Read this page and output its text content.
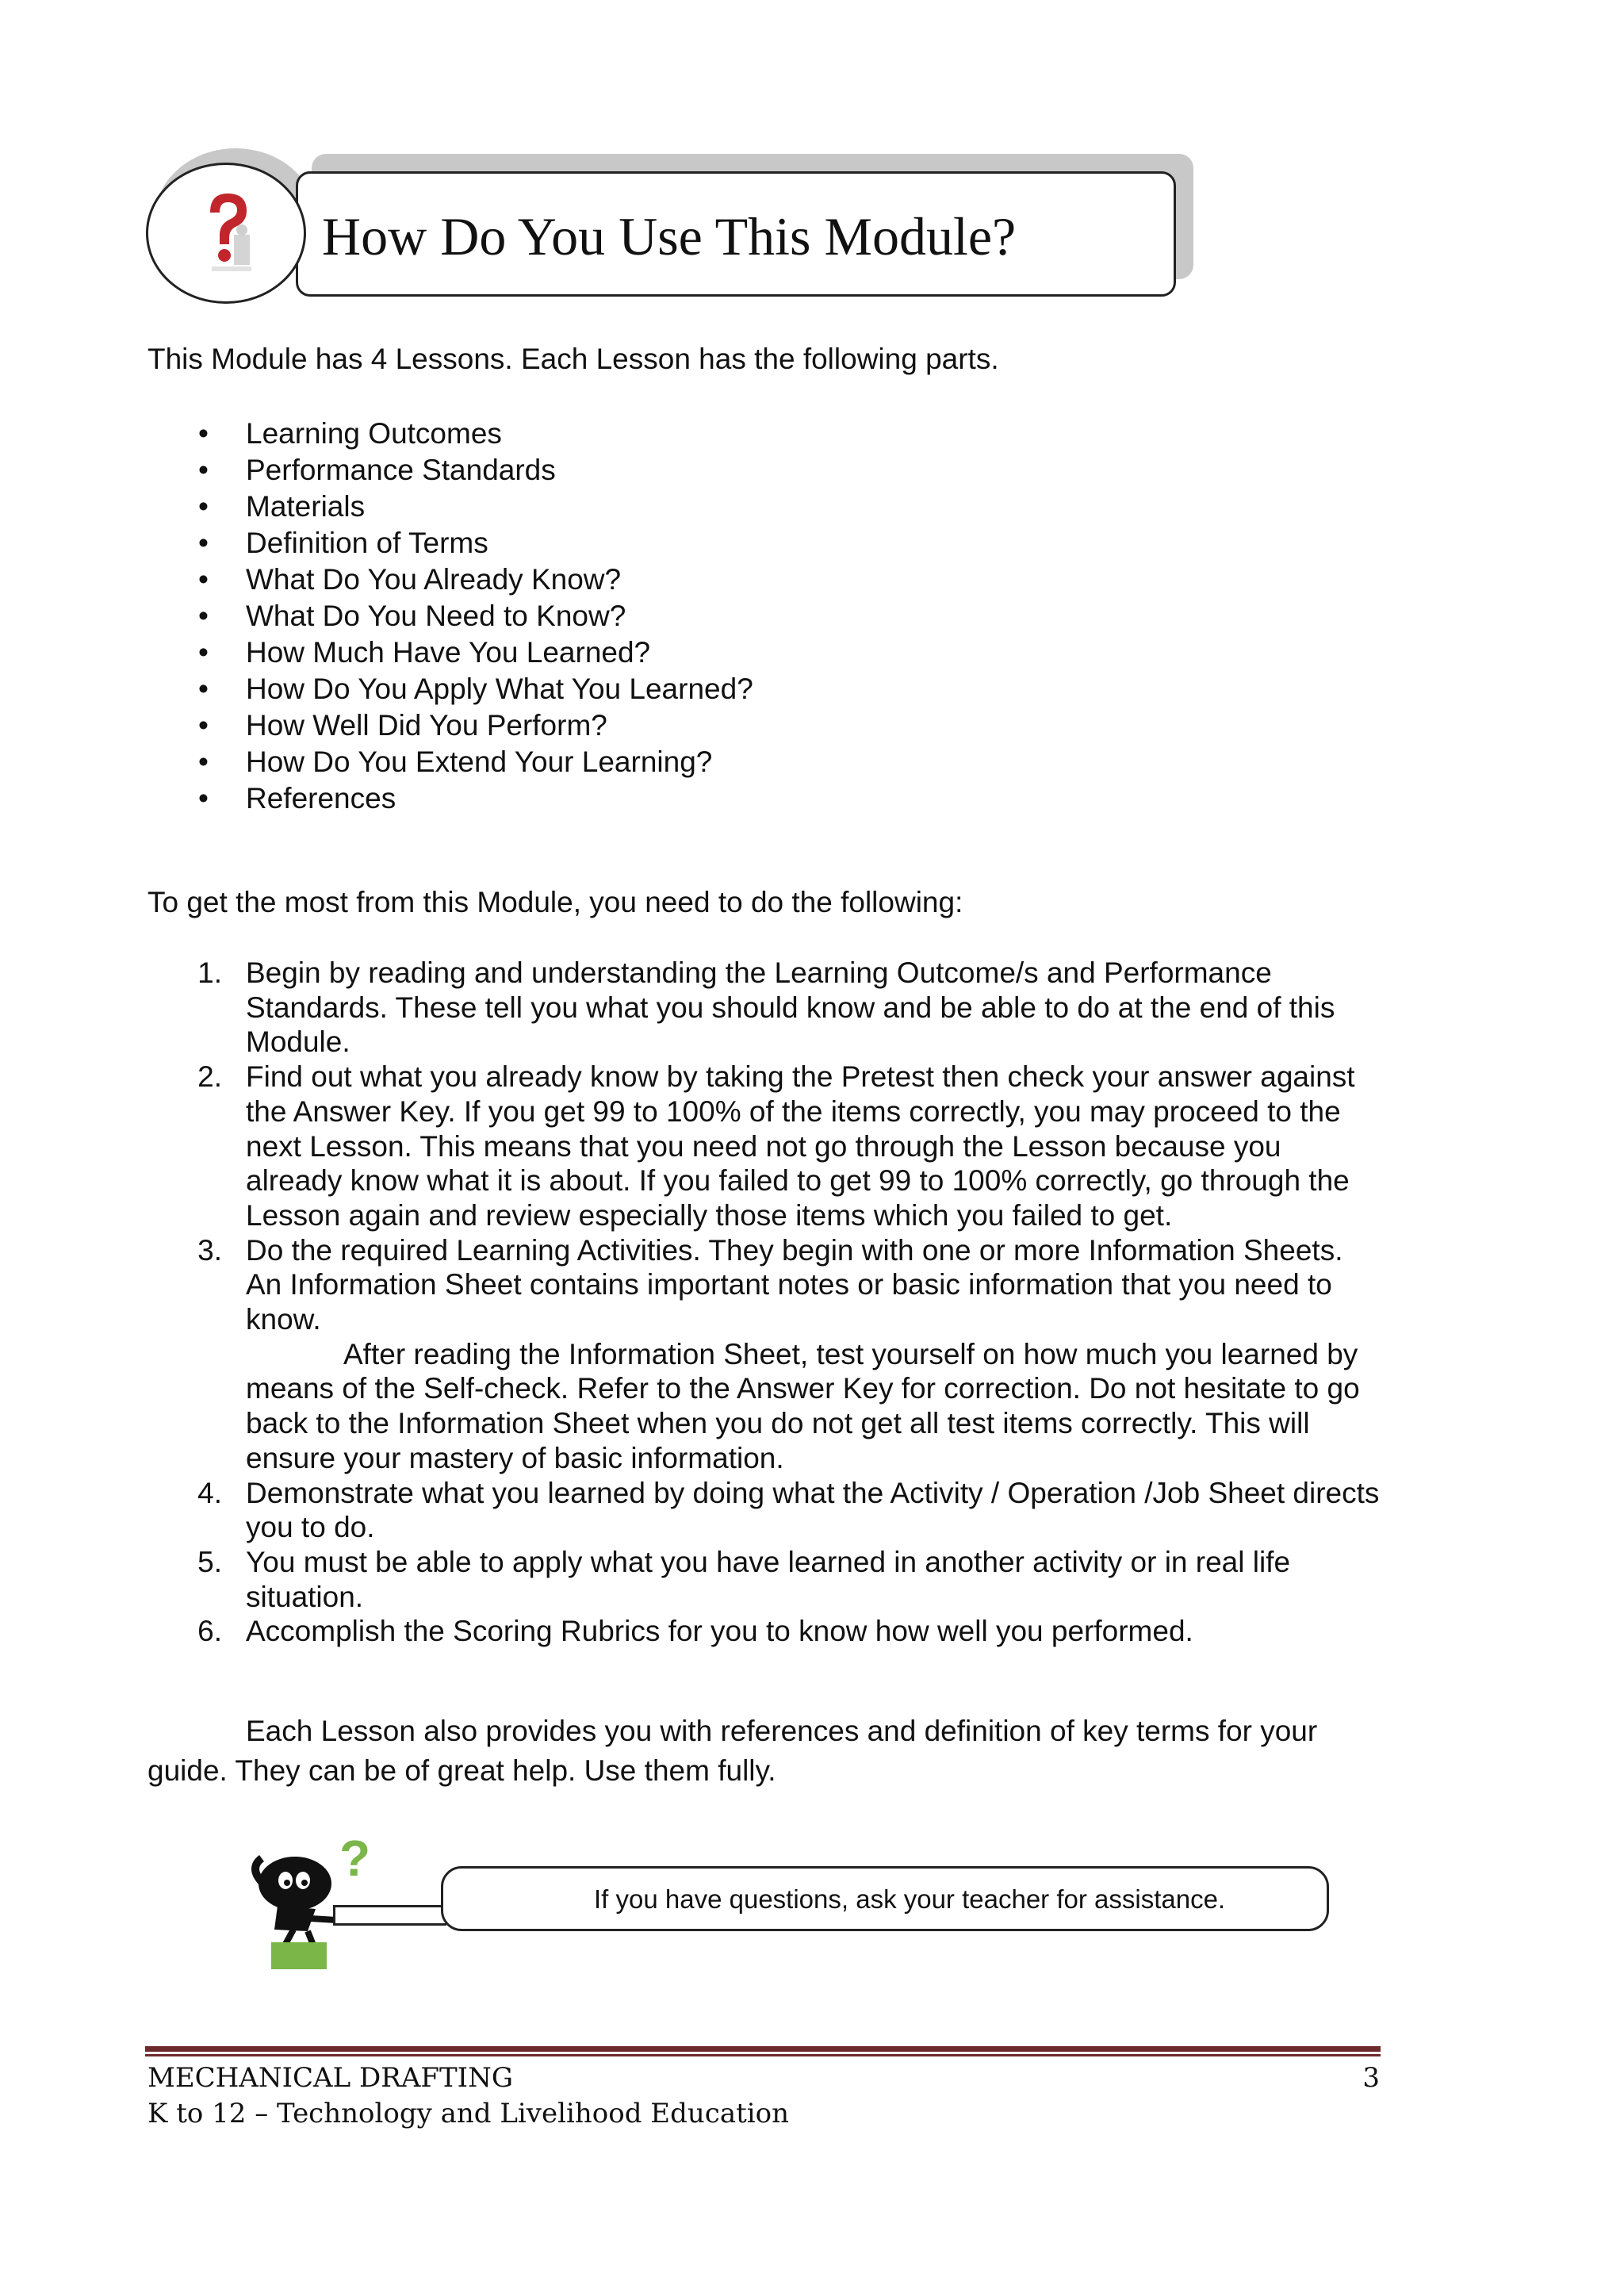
How Do You Use This Module?
This Module has 4 Lessons. Each Lesson has the following parts.
• Learning Outcomes
• Performance Standards
• Materials
• Definition of Terms
• What Do You Already Know?
• What Do You Need to Know?
• How Much Have You Learned?
• How Do You Apply What You Learned?
• How Well Did You Perform?
• How Do You Extend Your Learning?
• References
To get the most from this Module, you need to do the following:
1. Begin by reading and understanding the Learning Outcome/s and Performance Standards. These tell you what you should know and be able to do at the end of this Module.
2. Find out what you already know by taking the Pretest then check your answer against the Answer Key. If you get 99 to 100% of the items correctly, you may proceed to the next Lesson. This means that you need not go through the Lesson because you already know what it is about. If you failed to get 99 to 100% correctly, go through the Lesson again and review especially those items which you failed to get.
3. Do the required Learning Activities. They begin with one or more Information Sheets. An Information Sheet contains important notes or basic information that you need to know.
After reading the Information Sheet, test yourself on how much you learned by means of the Self-check. Refer to the Answer Key for correction. Do not hesitate to go back to the Information Sheet when you do not get all test items correctly. This will ensure your mastery of basic information.
4. Demonstrate what you learned by doing what the Activity / Operation /Job Sheet directs you to do.
5. You must be able to apply what you have learned in another activity or in real life situation.
6. Accomplish the Scoring Rubrics for you to know how well you performed.
Each Lesson also provides you with references and definition of key terms for your
guide. They can be of great help. Use them fully.
?
If you have questions, ask your teacher for assistance.
MECHANICAL DRAFTING
K to 12 – Technology and Livelihood Education
3
